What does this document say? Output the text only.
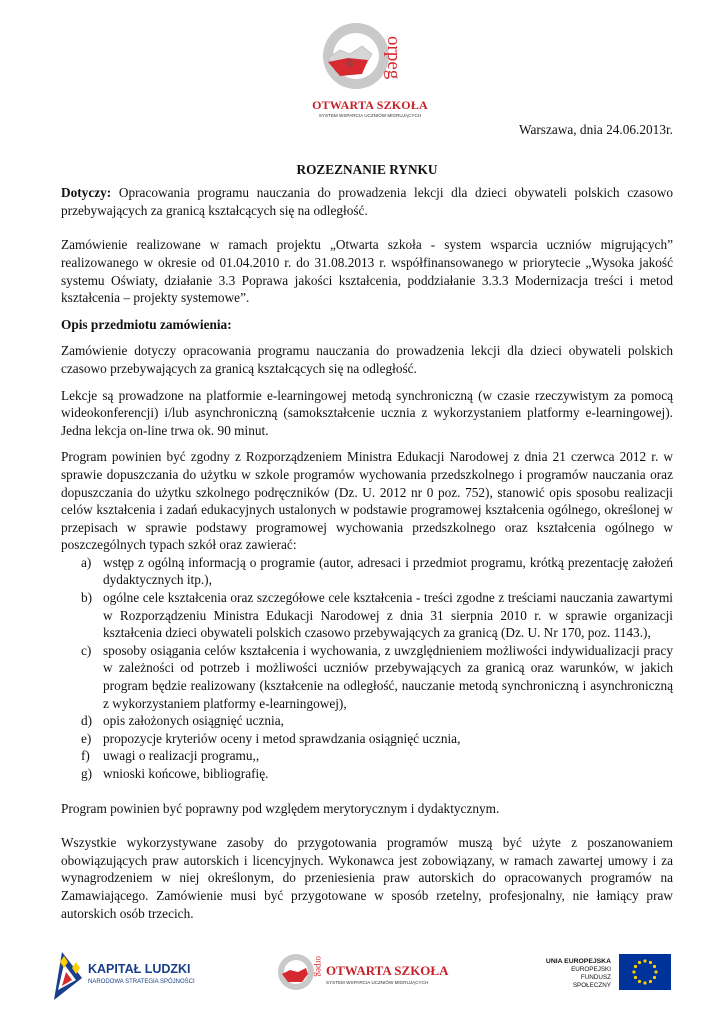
@ orpeg
OTWARTA SZKOŁA
SYSTEM WSPARCIA UCZNIÓW MIGRUJĄCYCH

Warszawa, dnia 24.06.2013r.

ROZEZNANIE RYNKU

Dotyczy: Opracowania programu nauczania do prowadzenia lekcji dla dzieci obywateli polskich czasowo przebywających za granicą kształcących się na odległość.

Zamówienie realizowane w ramach projektu „Otwarta szkoła - system wsparcia uczniów migrujących” realizowanego w okresie od 01.04.2010 r. do 31.08.2013 r. współfinansowanego w priorytecie „Wysoka jakość systemu Oświaty, działanie 3.3 Poprawa jakości kształcenia, poddziałanie 3.3.3 Modernizacja treści i metod kształcenia – projekty systemowe”.

Opis przedmiotu zamówienia:

Zamówienie dotyczy opracowania programu nauczania do prowadzenia lekcji dla dzieci obywateli polskich czasowo przebywających za granicą kształcących się na odległość.

Lekcje są prowadzone na platformie e-learningowej metodą synchroniczną (w czasie rzeczywistym za pomocą wideokonferencji) i/lub asynchroniczną (samokształcenie ucznia z wykorzystaniem platformy e-learningowej). Jedna lekcja on-line trwa ok. 90 minut.

Program powinien być zgodny z Rozporządzeniem Ministra Edukacji Narodowej z dnia 21 czerwca 2012 r. w sprawie dopuszczania do użytku w szkole programów wychowania przedszkolnego i programów nauczania oraz dopuszczania do użytku szkolnego podręczników (Dz. U. 2012 nr 0 poz. 752), stanowić opis sposobu realizacji celów kształcenia i zadań edukacyjnych ustalonych w podstawie programowej kształcenia ogólnego, określonej w przepisach w sprawie podstawy programowej wychowania przedszkolnego oraz kształcenia ogólnego w poszczególnych typach szkół oraz zawierać:

a) wstęp z ogólną informacją o programie (autor, adresaci i przedmiot programu, krótką prezentację założeń dydaktycznych itp.),
b) ogólne cele kształcenia oraz szczegółowe cele kształcenia - treści zgodne z treściami nauczania zawartymi w Rozporządzeniu Ministra Edukacji Narodowej z dnia 31 sierpnia 2010 r. w sprawie organizacji kształcenia dzieci obywateli polskich czasowo przebywających za granicą (Dz. U. Nr 170, poz. 1143.),
c) sposoby osiągania celów kształcenia i wychowania, z uwzględnieniem możliwości indywidualizacji pracy w zależności od potrzeb i możliwości uczniów przebywających za granicą oraz warunków, w jakich program będzie realizowany (kształcenie na odległość, nauczanie metodą synchroniczną i asynchroniczną z wykorzystaniem platformy e-learningowej),
d) opis założonych osiągnięć ucznia,
e) propozycje kryteriów oceny i metod sprawdzania osiągnięć ucznia,
f) uwagi o realizacji programu,,
g) wnioski końcowe, bibliografię.

Program powinien być poprawny pod względem merytorycznym i dydaktycznym.

Wszystkie wykorzystywane zasoby do przygotowania programów muszą być użyte z poszanowaniem obowiązujących praw autorskich i licencyjnych. Wykonawca jest zobowiązany, w ramach zawartej umowy i za wynagrodzeniem w niej określonym, do przeniesienia praw autorskich do opracowanych programów na Zamawiającego. Zamówienie musi być przygotowane w sposób rzetelny, profesjonalny, nie łamiący praw autorskich osób trzecich.

KAPITAŁ LUDZKI
NARODOWA STRATEGIA SPÓJNOŚCI
orpeg OTWARTA SZKOŁA
SYSTEM WSPARCIA UCZNIÓW MIGRUJĄCYCH
UNIA EUROPEJSKA
EUROPEJSKI
FUNDUSZ SPOŁECZNY
